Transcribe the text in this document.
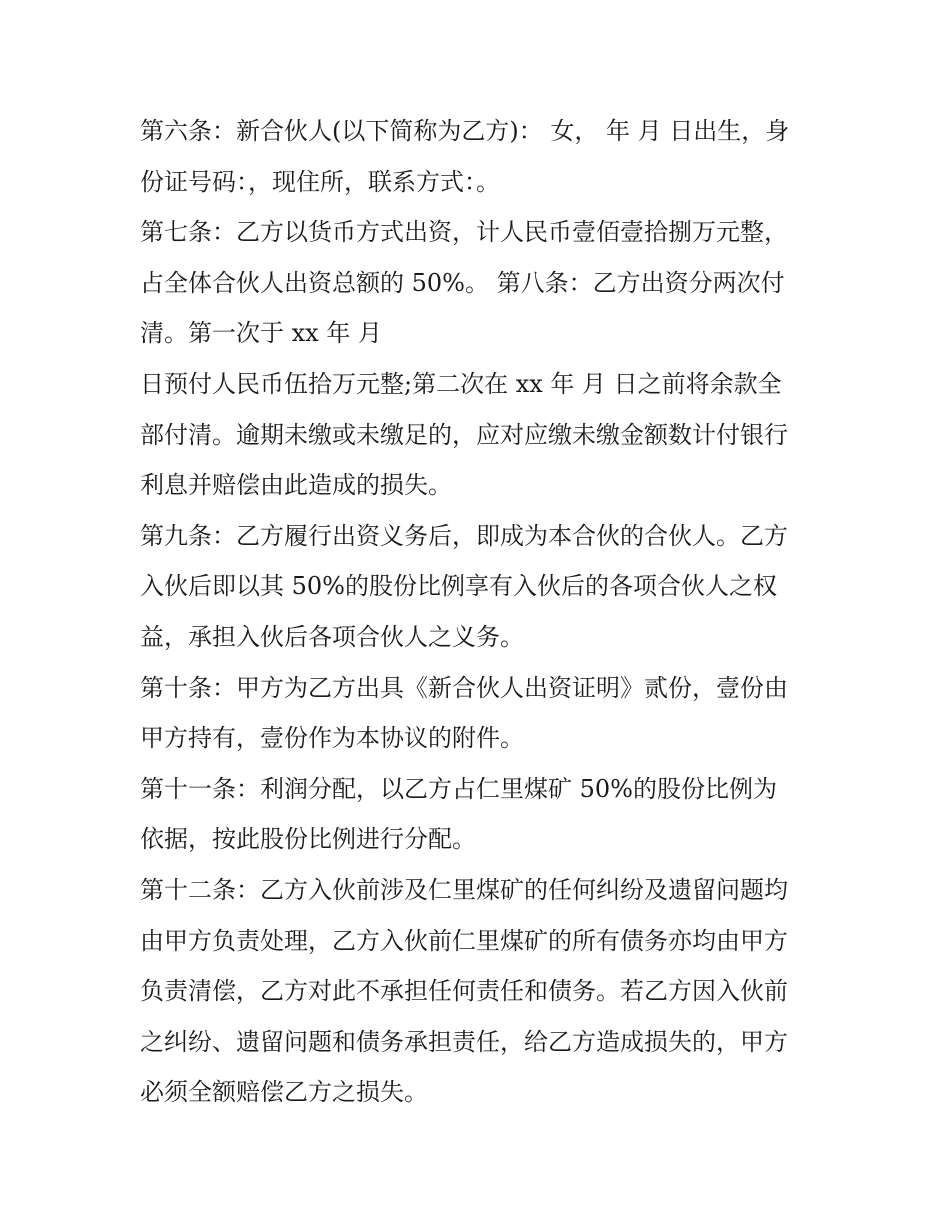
第六条：新合伙人(以下简称为乙方)： 女， 年 月 日出生，身
份证号码：，现住所，联系方式：。
第七条：乙方以货币方式出资，计人民币壹佰壹拾捌万元整，
占全体合伙人出资总额的 50%。 第八条：乙方出资分两次付
清。第一次于 xx 年 月
日预付人民币伍拾万元整;第二次在 xx 年 月 日之前将余款全
部付清。逾期未缴或未缴足的，应对应缴未缴金额数计付银行
利息并赔偿由此造成的损失。
第九条：乙方履行出资义务后，即成为本合伙的合伙人。乙方
入伙后即以其 50%的股份比例享有入伙后的各项合伙人之权
益，承担入伙后各项合伙人之义务。
第十条：甲方为乙方出具《新合伙人出资证明》贰份，壹份由
甲方持有，壹份作为本协议的附件。
第十一条：利润分配，以乙方占仁里煤矿 50%的股份比例为
依据，按此股份比例进行分配。
第十二条：乙方入伙前涉及仁里煤矿的任何纠纷及遗留问题均
由甲方负责处理，乙方入伙前仁里煤矿的所有债务亦均由甲方
负责清偿，乙方对此不承担任何责任和债务。若乙方因入伙前
之纠纷、遗留问题和债务承担责任，给乙方造成损失的，甲方
必须全额赔偿乙方之损失。
